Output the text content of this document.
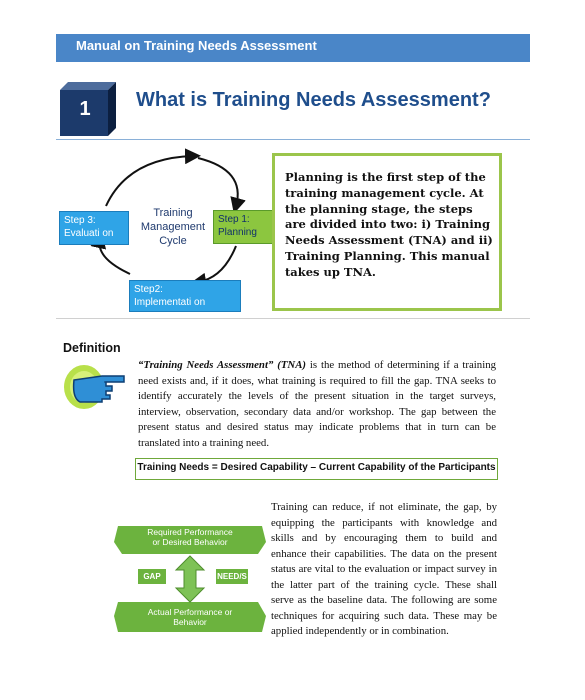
Manual on Training Needs Assessment
1	What is Training Needs Assessment?
Training
Management
Cycle
Step 1:
Planning
Step2:
Implementati on
Step 3:
Evaluati on
Planning is the first step of the training management cycle. At the planning stage, the steps are divided into two: i) Training Needs Assessment (TNA) and ii) Training Planning. This manual takes up TNA.
Definition
“Training Needs Assessment” (TNA) is the method of determining if a training need exists and, if it does, what training is required to fill the gap. TNA seeks to identify accurately the levels of the present situation in the target surveys, interview, observation, secondary data and/or workshop. The gap between the present status and desired status may indicate problems that in turn can be translated into a training need.
Training Needs = Desired Capability – Current Capability of the Participants
Required Performance
or Desired Behavior
Actual Performance or
Behavior
GAP	NEED/S
Training can reduce, if not eliminate, the gap, by equipping the participants with knowledge and skills and by encouraging them to build and enhance their capabilities. The data on the present status are vital to the evaluation or impact survey in the latter part of the training cycle. These shall serve as the baseline data. The following are some techniques for acquiring such data. These may be applied independently or in combination.
